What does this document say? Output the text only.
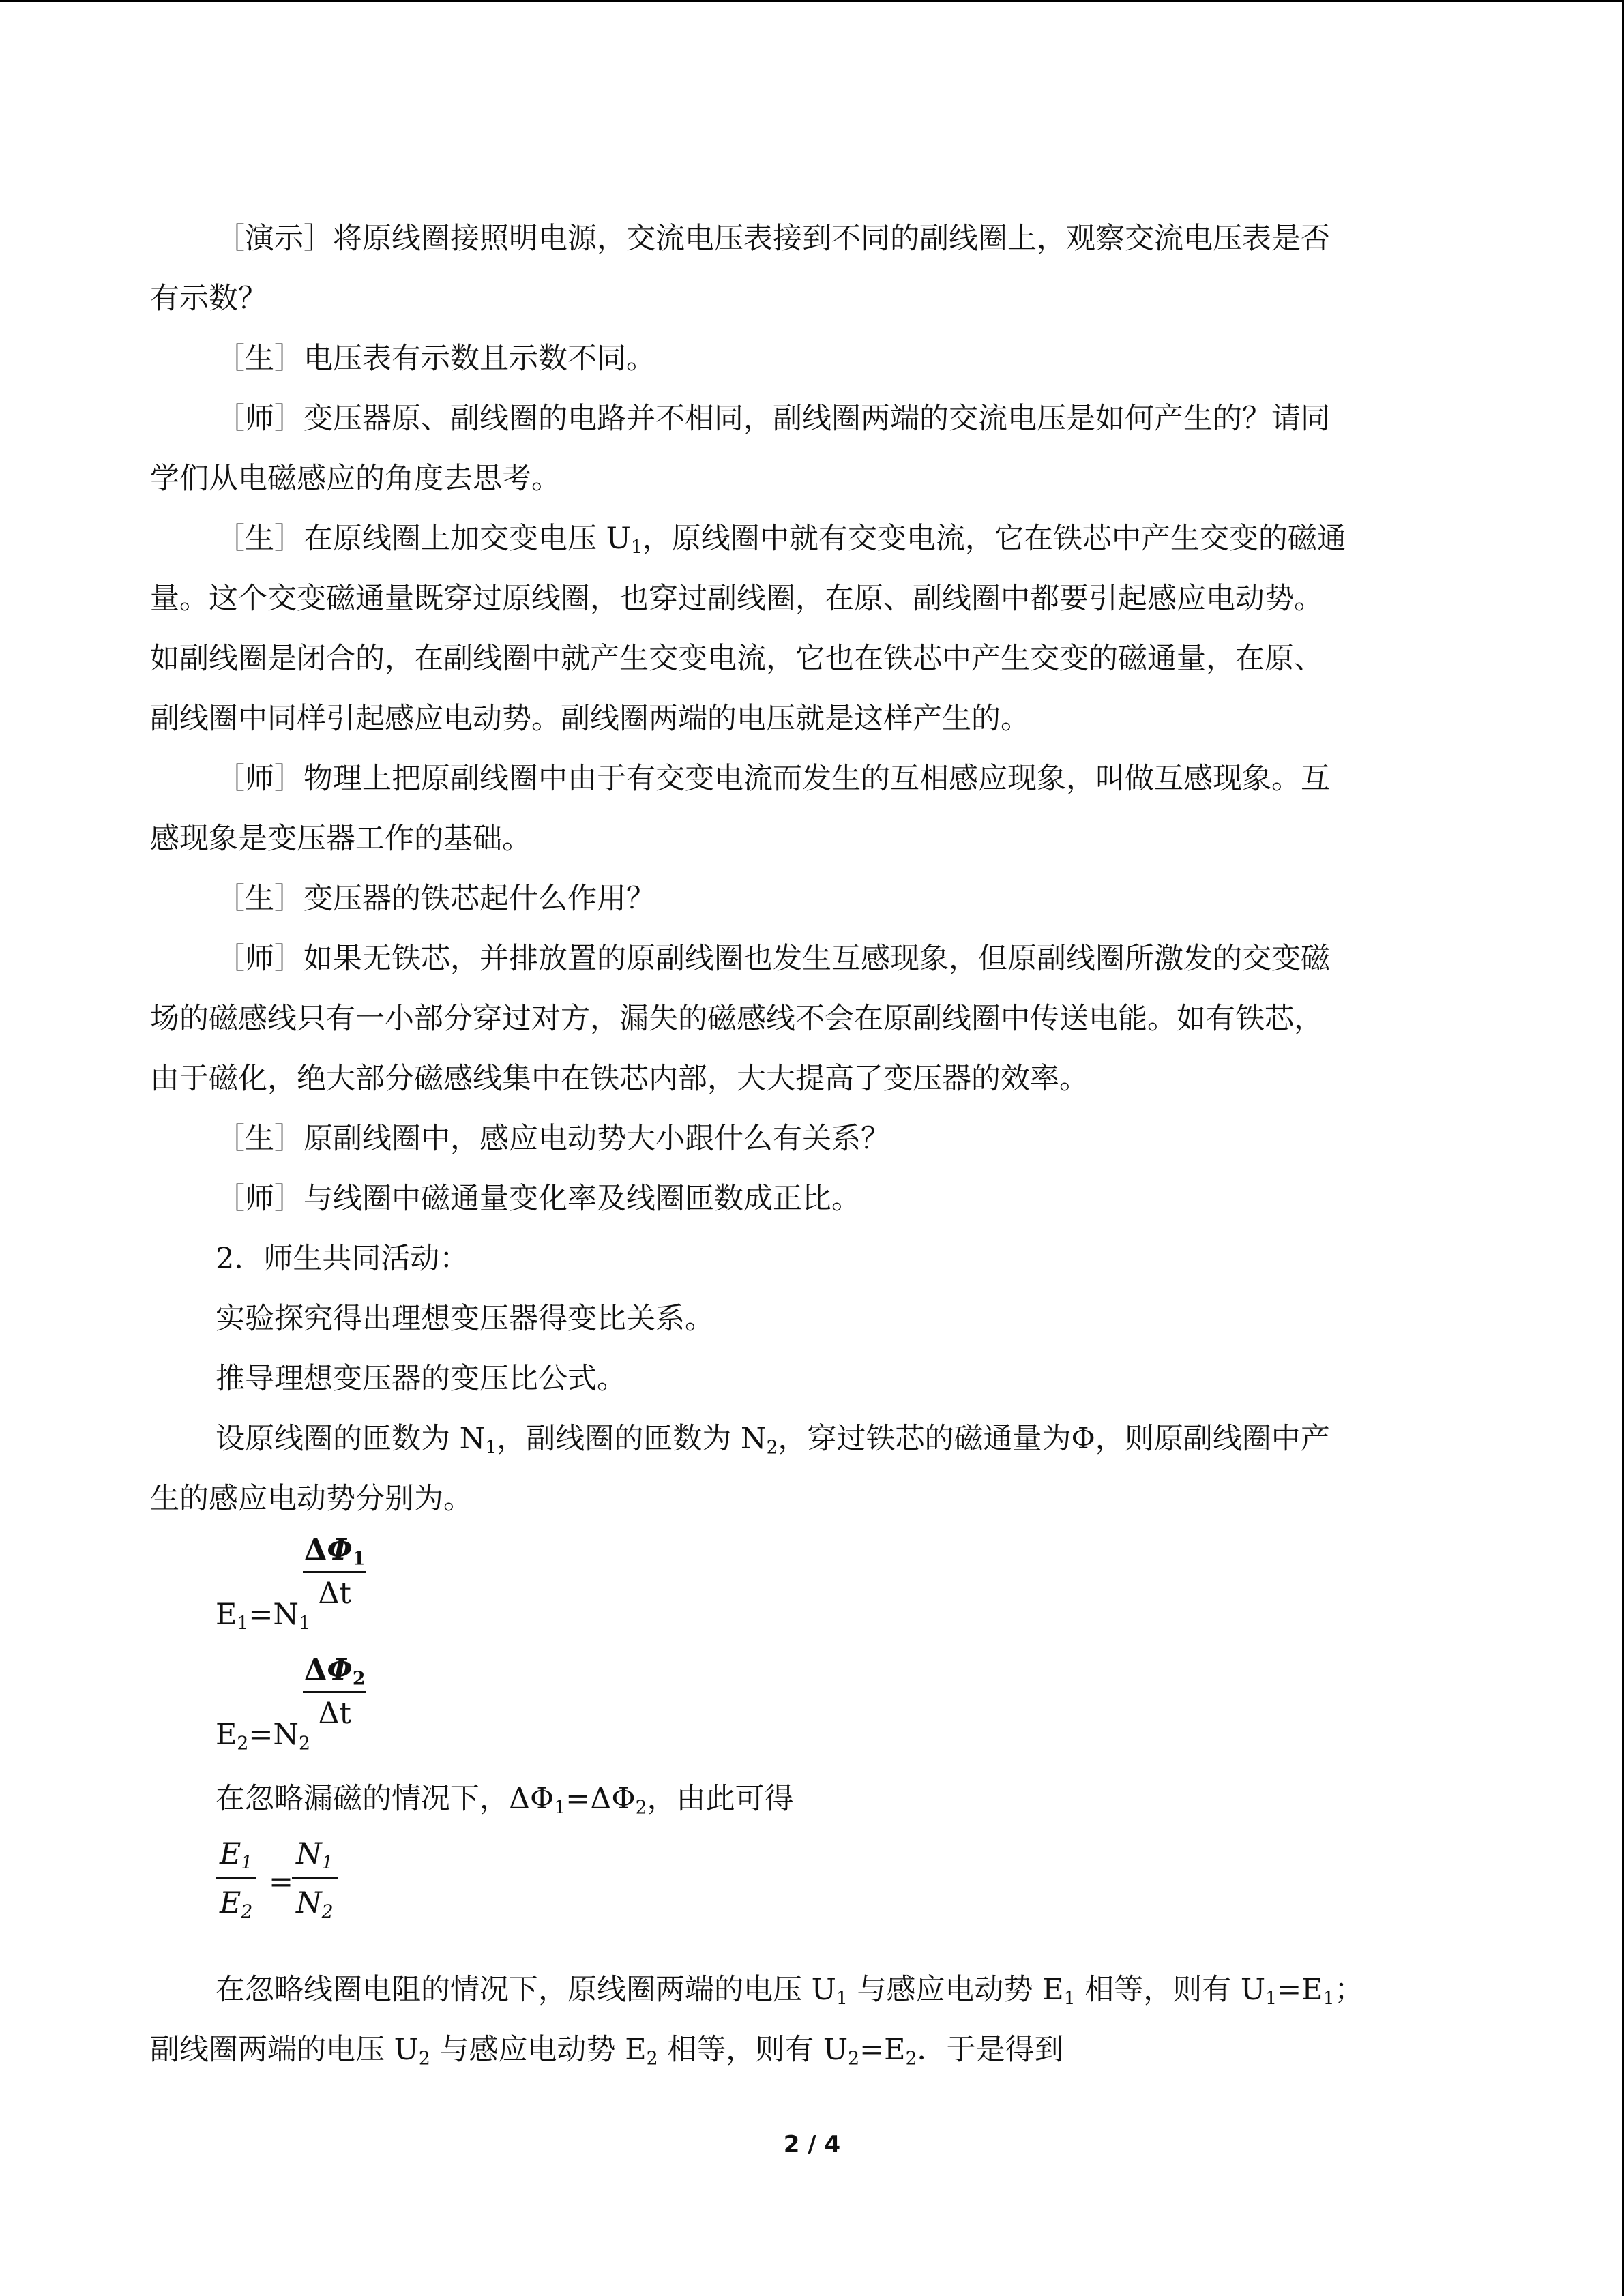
［演示］将原线圈接照明电源，交流电压表接到不同的副线圈上，观察交流电压表是否

有示数？

［生］电压表有示数且示数不同。

［师］变压器原、副线圈的电路并不相同，副线圈两端的交流电压是如何产生的？请同

学们从电磁感应的角度去思考。

［生］在原线圈上加交变电压 $U_1$，原线圈中就有交变电流，它在铁芯中产生交变的磁通

量。这个交变磁通量既穿过原线圈，也穿过副线圈，在原、副线圈中都要引起感应电动势。

如副线圈是闭合的，在副线圈中就产生交变电流，它也在铁芯中产生交变的磁通量，在原、

副线圈中同样引起感应电动势。副线圈两端的电压就是这样产生的。

［师］物理上把原副线圈中由于有交变电流而发生的互相感应现象，叫做互感现象。互

感现象是变压器工作的基础。

［生］变压器的铁芯起什么作用？

［师］如果无铁芯，并排放置的原副线圈也发生互感现象，但原副线圈所激发的交变磁

场的磁感线只有一小部分穿过对方，漏失的磁感线不会在原副线圈中传送电能。如有铁芯，

由于磁化，绝大部分磁感线集中在铁芯内部，大大提高了变压器的效率。

［生］原副线圈中，感应电动势大小跟什么有关系？

［师］与线圈中磁通量变化率及线圈匝数成正比。

2．师生共同活动：

实验探究得出理想变压器得变比关系。

推导理想变压器的变压比公式。

设原线圈的匝数为 $N_1$，副线圈的匝数为 $N_2$，穿过铁芯的磁通量为Φ，则原副线圈中产

生的感应电动势分别为。

$\frac{\Delta\Phi_1}{\Delta t}$
$E_1=N_1$
$\frac{\Delta\Phi_2}{\Delta t}$
$E_2=N_2$

在忽略漏磁的情况下，$\Delta\Phi_1=\Delta\Phi_2$，由此可得

$\frac{E_1}{E_2}$ =
$\frac{N_1}{N_2}$

在忽略线圈电阻的情况下，原线圈两端的电压 $U_1$ 与感应电动势 $E_1$ 相等，则有 $U_1=E_1$；

副线圈两端的电压 $U_2$ 与感应电动势 $E_2$ 相等，则有 $U_2=E_2$．于是得到

2 / 4
